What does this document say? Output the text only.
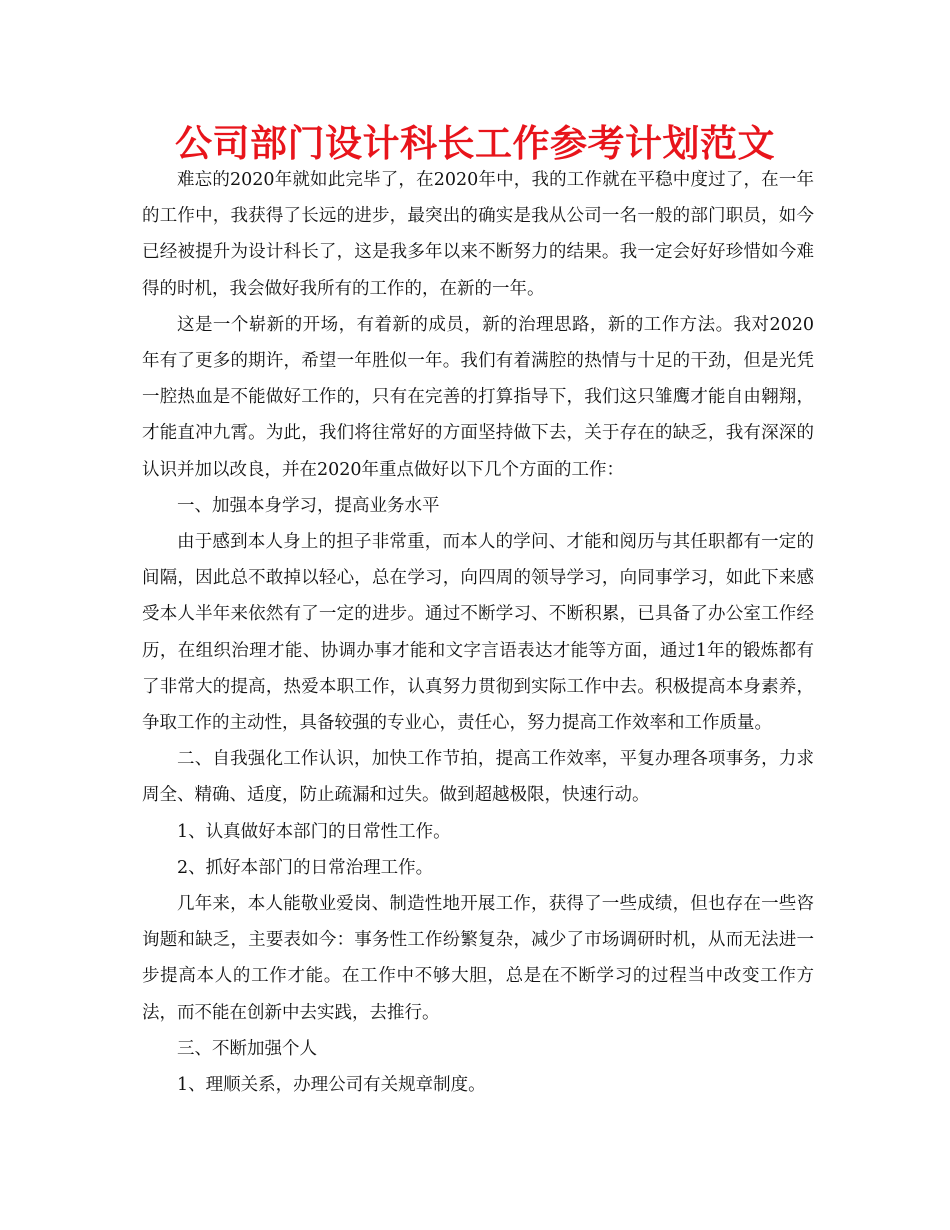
公司部门设计科长工作参考计划范文

难忘的2020年就如此完毕了，在2020年中，我的工作就在平稳中度过了，在一年的工作中，我获得了长远的进步，最突出的确实是我从公司一名一般的部门职员，如今已经被提升为设计科长了，这是我多年以来不断努力的结果。我一定会好好珍惜如今难得的时机，我会做好我所有的工作的，在新的一年。

这是一个崭新的开场，有着新的成员，新的治理思路，新的工作方法。我对2020年有了更多的期许，希望一年胜似一年。我们有着满腔的热情与十足的干劲，但是光凭一腔热血是不能做好工作的，只有在完善的打算指导下，我们这只雏鹰才能自由翱翔，才能直冲九霄。为此，我们将往常好的方面坚持做下去，关于存在的缺乏，我有深深的认识并加以改良，并在2020年重点做好以下几个方面的工作：

一、加强本身学习，提高业务水平

由于感到本人身上的担子非常重，而本人的学问、才能和阅历与其任职都有一定的间隔，因此总不敢掉以轻心，总在学习，向四周的领导学习，向同事学习，如此下来感受本人半年来依然有了一定的进步。通过不断学习、不断积累，已具备了办公室工作经历，在组织治理才能、协调办事才能和文字言语表达才能等方面，通过1年的锻炼都有了非常大的提高，热爱本职工作，认真努力贯彻到实际工作中去。积极提高本身素养，争取工作的主动性，具备较强的专业心，责任心，努力提高工作效率和工作质量。

二、自我强化工作认识，加快工作节拍，提高工作效率，平复办理各项事务，力求周全、精确、适度，防止疏漏和过失。做到超越极限，快速行动。

1、认真做好本部门的日常性工作。

2、抓好本部门的日常治理工作。

几年来，本人能敬业爱岗、制造性地开展工作，获得了一些成绩，但也存在一些咨询题和缺乏，主要表如今：事务性工作纷繁复杂，减少了市场调研时机，从而无法进一步提高本人的工作才能。在工作中不够大胆，总是在不断学习的过程当中改变工作方法，而不能在创新中去实践，去推行。

三、不断加强个人

1、理顺关系，办理公司有关规章制度。
